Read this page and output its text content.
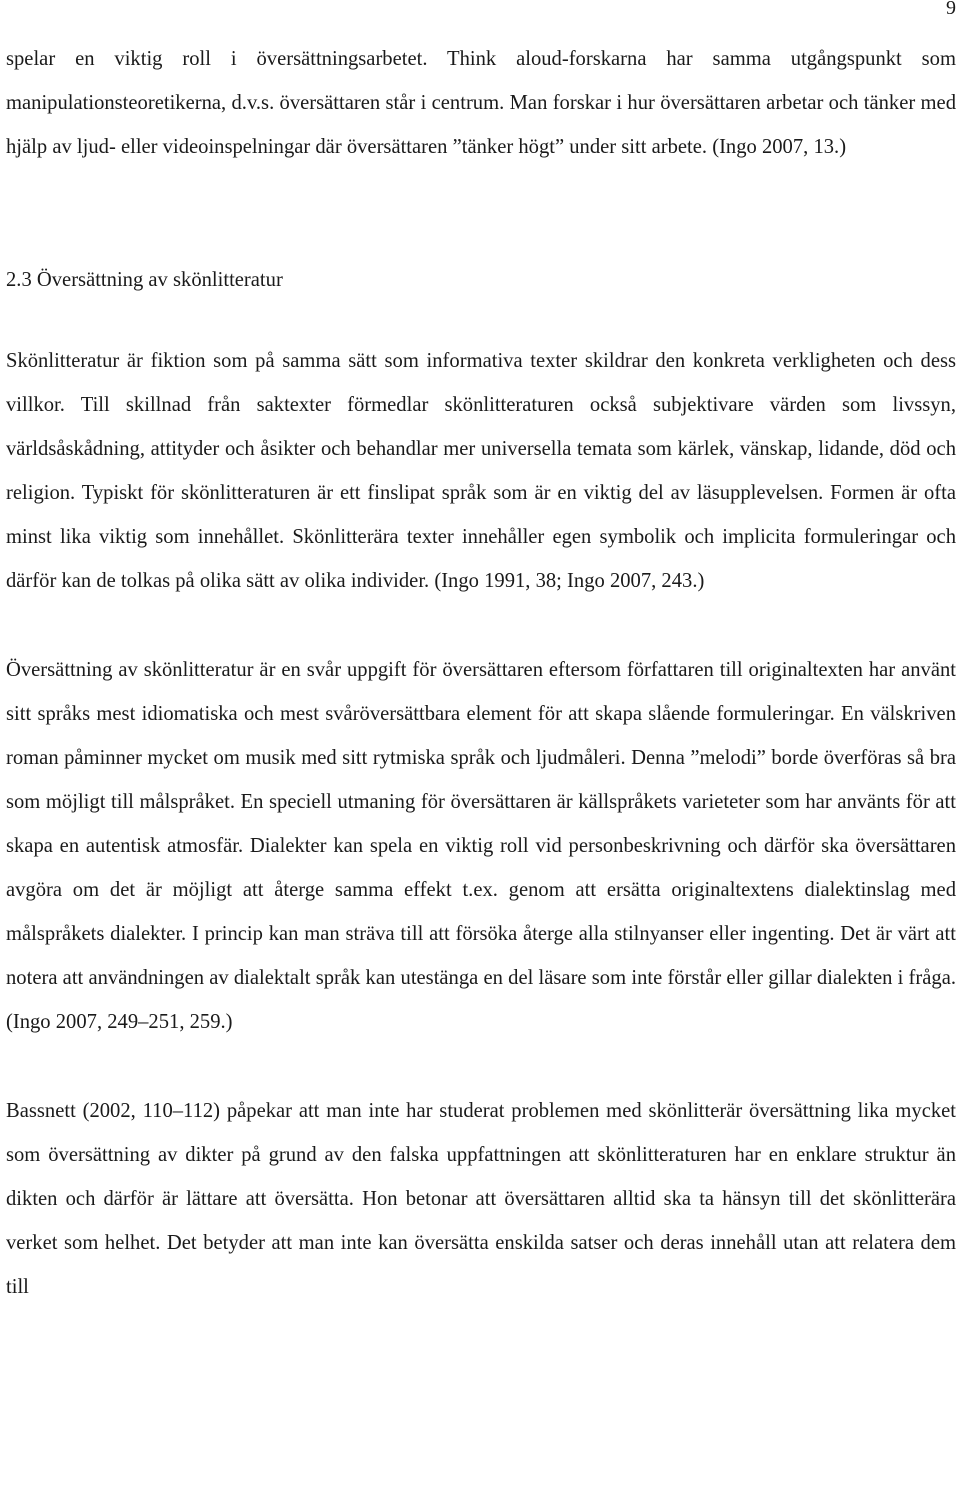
9

spelar en viktig roll i översättningsarbetet. Think aloud-forskarna har samma utgångspunkt som manipulationsteoretikerna, d.v.s. översättaren står i centrum. Man forskar i hur översättaren arbetar och tänker med hjälp av ljud- eller videoinspelningar där översättaren ”tänker högt” under sitt arbete. (Ingo 2007, 13.)

2.3 Översättning av skönlitteratur

Skönlitteratur är fiktion som på samma sätt som informativa texter skildrar den konkreta verkligheten och dess villkor. Till skillnad från saktexter förmedlar skönlitteraturen också subjektivare värden som livssyn, världsåskådning, attityder och åsikter och behandlar mer universella temata som kärlek, vänskap, lidande, död och religion. Typiskt för skönlitteraturen är ett finslipat språk som är en viktig del av läsupplevelsen. Formen är ofta minst lika viktig som innehållet. Skönlitterära texter innehåller egen symbolik och implicita formuleringar och därför kan de tolkas på olika sätt av olika individer. (Ingo 1991, 38; Ingo 2007, 243.)

Översättning av skönlitteratur är en svår uppgift för översättaren eftersom författaren till originaltexten har använt sitt språks mest idiomatiska och mest svåröversättbara element för att skapa slående formuleringar. En välskriven roman påminner mycket om musik med sitt rytmiska språk och ljudmåleri. Denna ”melodi” borde överföras så bra som möjligt till målspråket. En speciell utmaning för översättaren är källspråkets varieteter som har använts för att skapa en autentisk atmosfär. Dialekter kan spela en viktig roll vid personbeskrivning och därför ska översättaren avgöra om det är möjligt att återge samma effekt t.ex. genom att ersätta originaltextens dialektinslag med målspråkets dialekter. I princip kan man sträva till att försöka återge alla stilnyanser eller ingenting. Det är värt att notera att användningen av dialektalt språk kan utestänga en del läsare som inte förstår eller gillar dialekten i fråga. (Ingo 2007, 249–251, 259.)

Bassnett (2002, 110–112) påpekar att man inte har studerat problemen med skönlitterär översättning lika mycket som översättning av dikter på grund av den falska uppfattningen att skönlitteraturen har en enklare struktur än dikten och därför är lättare att översätta. Hon betonar att översättaren alltid ska ta hänsyn till det skönlitterära verket som helhet. Det betyder att man inte kan översätta enskilda satser och deras innehåll utan att relatera dem till
